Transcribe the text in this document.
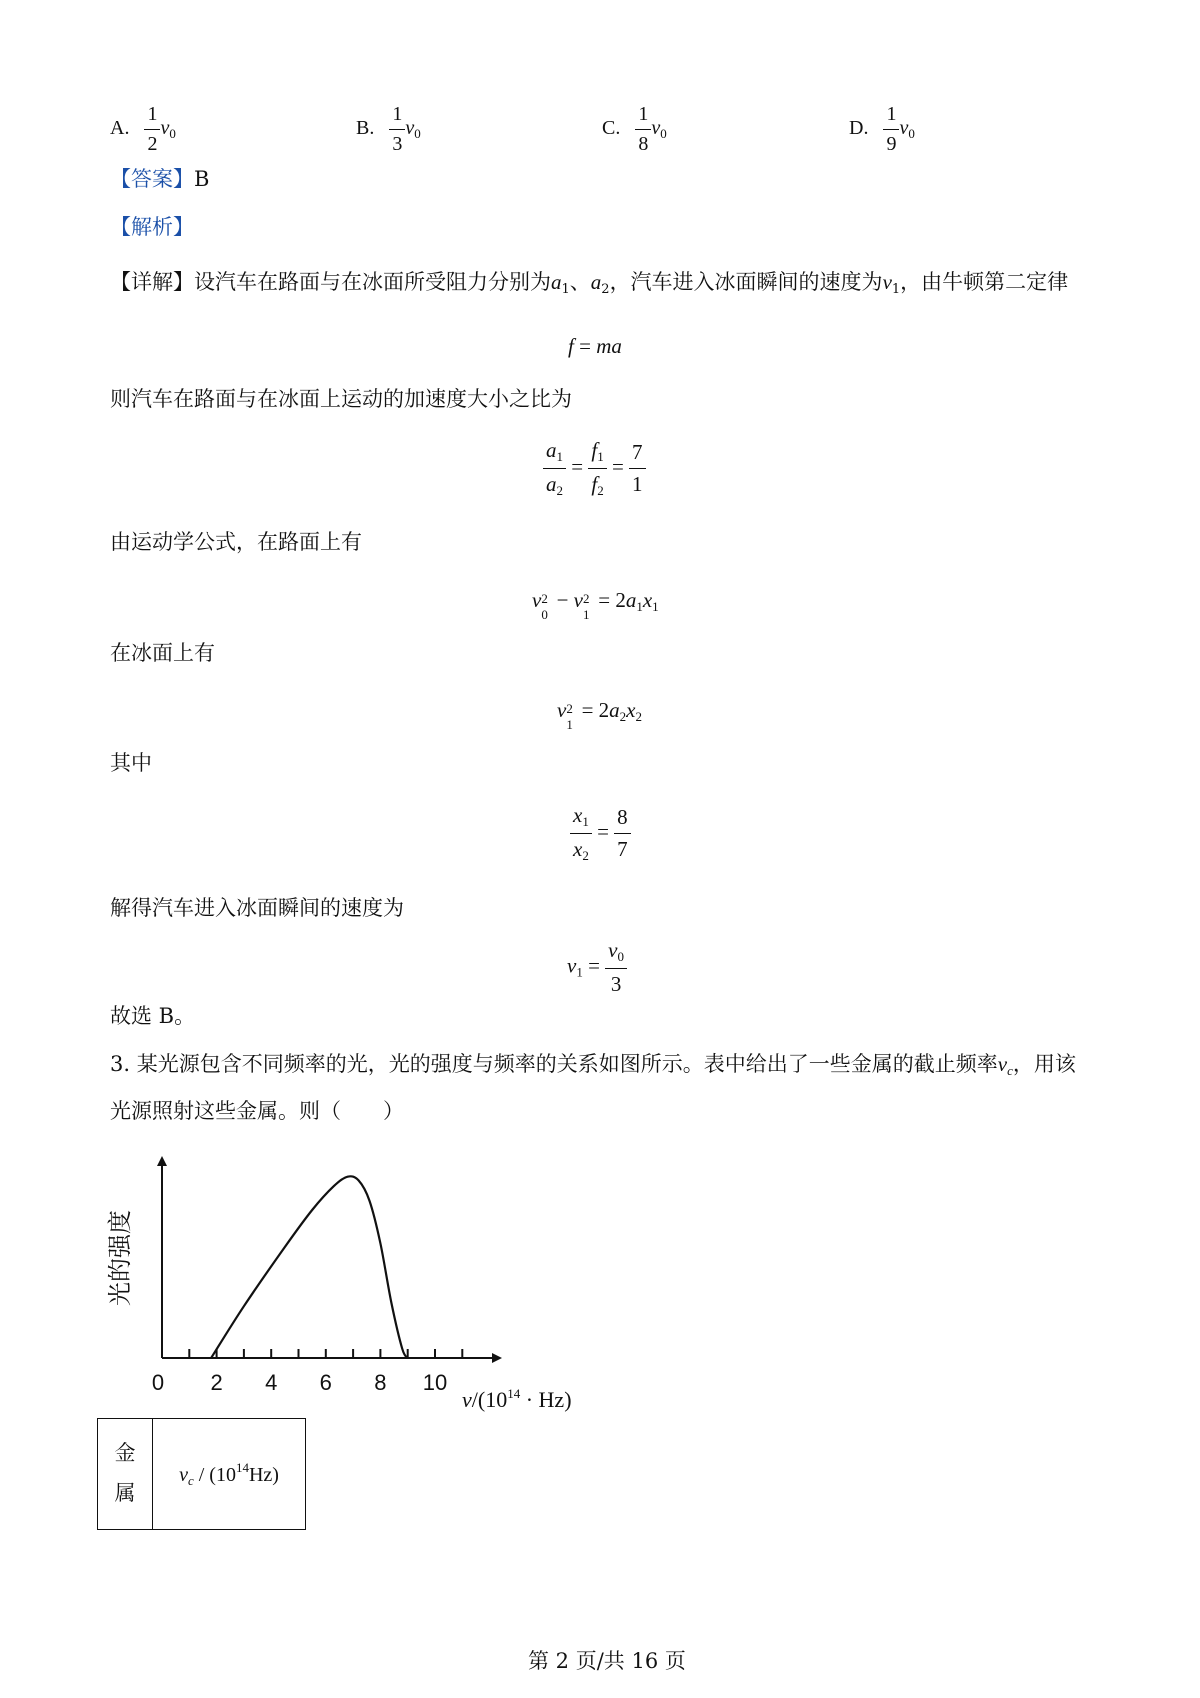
A. $\frac{1}{2} v_0$	B. $\frac{1}{3} v_0$	C. $\frac{1}{8} v_0$	D. $\frac{1}{9} v_0$
【答案】B
【解析】
【详解】设汽车在路面与在冰面所受阻力分别为$a_1$、$a_2$，汽车进入冰面瞬间的速度为$v_1$，由牛顿第二定律
f = ma
则汽车在路面与在冰面上运动的加速度大小之比为
$\frac{a_1}{a_2} = \frac{f_1}{f_2} = \frac{7}{1}$
由运动学公式，在路面上有
v 2
0
− v 2
1
= $2a_1x_1$
在冰面上有
v 2
1
= $2a_2x_2$
其中
$\frac{x_1}{x_2} = \frac{8}{7}$
解得汽车进入冰面瞬间的速度为
$v_1 = \frac{v_0}{3}$
故选 B。
3. 某光源包含不同频率的光，光的强度与频率的关系如图所示。表中给出了一些金属的截止频率$\nu_c$，用该
光源照射这些金属。则（　　）
0 2 4 6 8 10
光的强度
$\nu/(10^{14} \cdot Hz)$
金
属	$\nu_c / (10^{14}Hz)$
第 2 页/共 16 页
